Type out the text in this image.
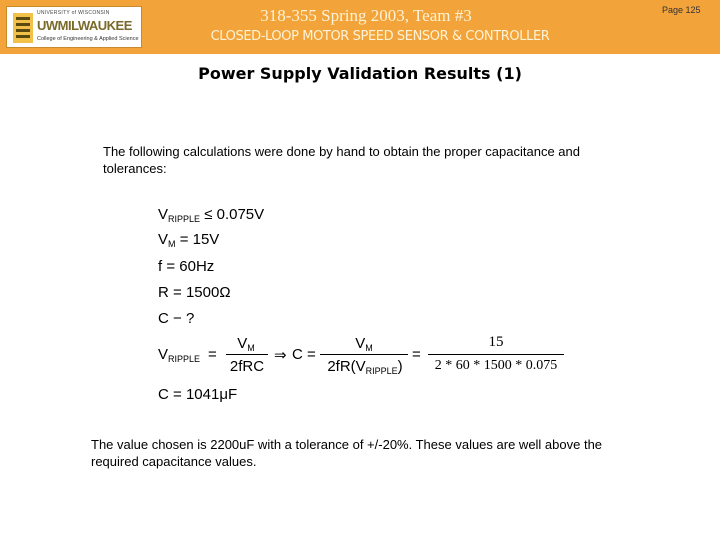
UNIVERSITY of WISCONSIN
UWMILWAUKEE
College of Engineering & Applied Science
318-355 Spring 2003, Team #3
CLOSED-LOOP MOTOR SPEED SENSOR & CONTROLLER
Page 125
Power Supply Validation Results (1)
The following calculations were done by hand to obtain the proper capacitance and tolerances:
$V_{RIPPLE} \le 0.075V$
$V_M = 15V$
f = 60Hz
R = 1500Ω
C − ?
$V_{RIPPLE}$ =
$V_M$
2fRC
⇒ C =
$V_M$
$2fR(V_{RIPPLE})$
=
15
2 * 60 * 1500 * 0.075
C = 1041μF
The value chosen is 2200uF with a tolerance of +/-20%. These values are well above the required capacitance values.
